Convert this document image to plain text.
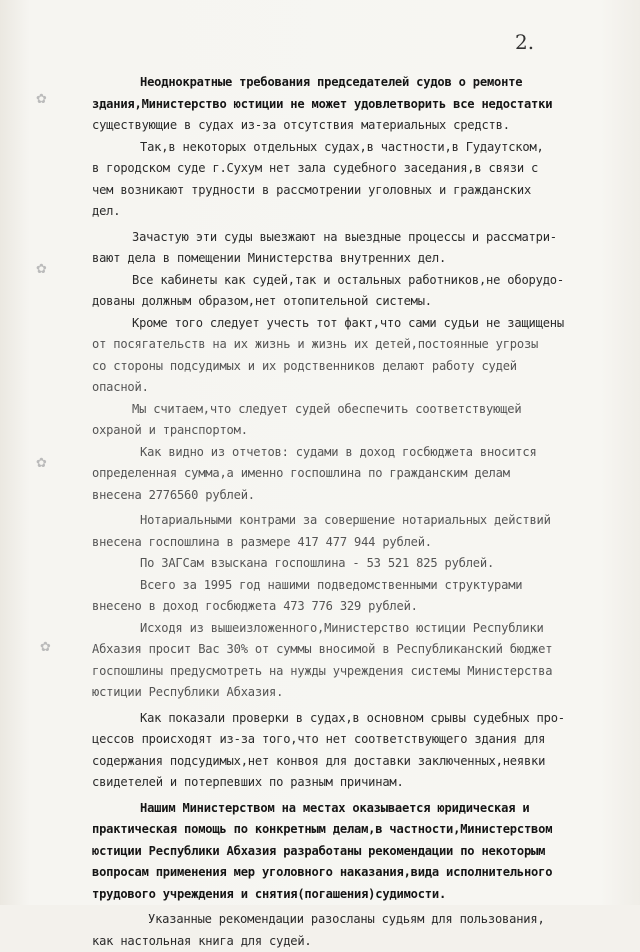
✿
✿
✿
✿
2.
Неоднократные требования председателей судов о ремонте
здания,Министерство юстиции не может удовлетворить все недостатки
существующие в судах из-за отсутствия материальных средств.
Так,в некоторых отдельных судах,в частности,в Гудаутском,
в городском суде г.Сухум нет зала судебного заседания,в связи с
чем возникают трудности в рассмотрении уголовных и гражданских
дел.
Зачастую эти суды выезжают на выездные процессы и рассматри-
вают дела в помещении Министерства внутренних дел.
Все кабинеты как судей,так и остальных работников,не оборудо-
дованы должным образом,нет отопительной системы.
Кроме того следует учесть тот факт,что сами судьи не защищены
от посягательств на их жизнь и жизнь их детей,постоянные угрозы
со стороны подсудимых и их родственников делают работу судей
опасной.
Мы считаем,что следует судей обеспечить соответствующей
охраной и транспортом.
Как видно из отчетов: судами в доход госбюджета вносится
определенная сумма,а именно госпошлина по гражданским делам
внесена 2776560 рублей.
Нотариальными контрами за совершение нотариальных действий
внесена госпошлина в размере 417 477 944 рублей.
По ЗАГСам взыскана госпошлина - 53 521 825 рублей.
Всего за 1995 год нашими подведомственными структурами
внесено в доход госбюджета 473 776 329 рублей.
Исходя из вышеизложенного,Министерство юстиции Республики
Абхазия просит Вас 30% от суммы вносимой в Республиканский бюджет
госпошлины предусмотреть на нужды учреждения системы Министерства
юстиции Республики Абхазия.
Как показали проверки в судах,в основном срывы судебных про-
цессов происходят из-за того,что нет соответствующего здания для
содержания подсудимых,нет конвоя для доставки заключенных,неявки
свидетелей и потерпевших по разным причинам.
Нашим Министерством на местах оказывается юридическая и
практическая помощь по конкретным делам,в частности,Министерством
юстиции Республики Абхазия разработаны рекомендации по некоторым
вопросам применения мер уголовного наказания,вида исполнительного
трудового учреждения и снятия(погашения)судимости.
Указанные рекомендации разосланы судьям для пользования,
как настольная книга для судей.
